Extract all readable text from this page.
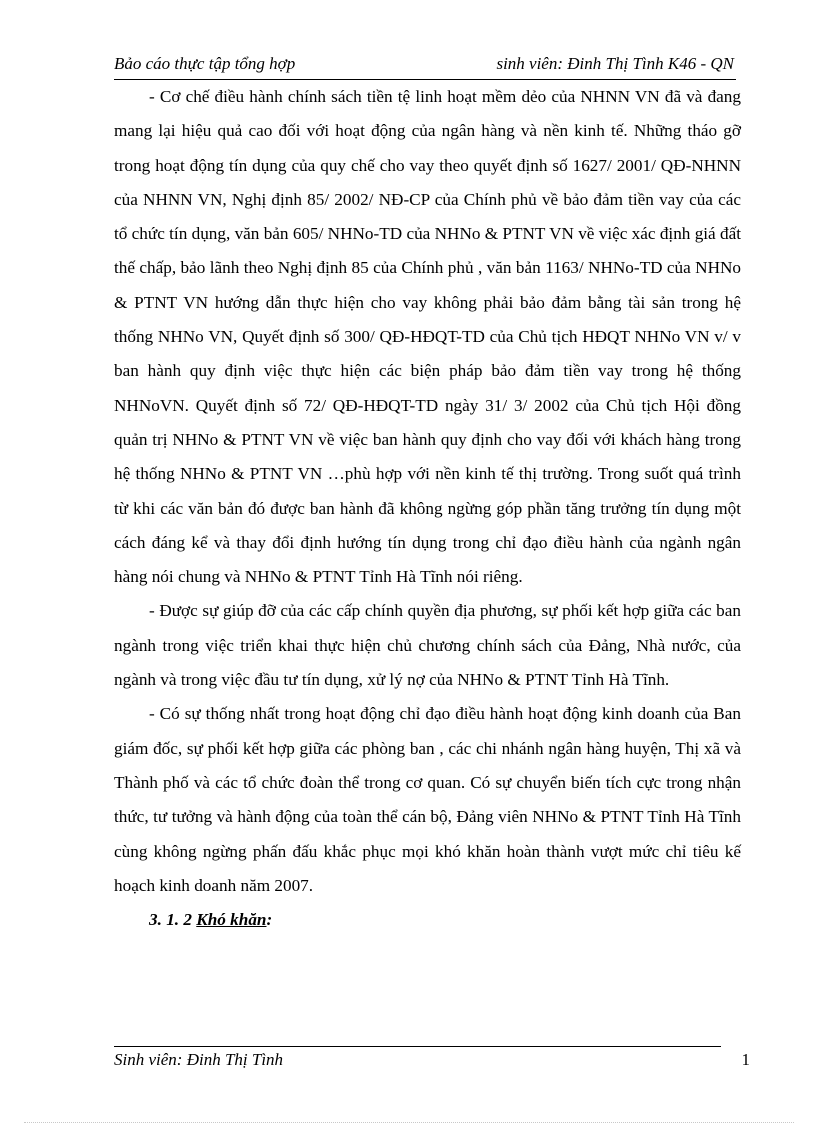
Bảo cáo thực tập tổng hợp	sinh viên: Đinh Thị Tình K46 - QN

- Cơ chế điều hành chính sách tiền tệ linh hoạt mềm dẻo của NHNN VN đã và đang mang lại hiệu quả cao đối với hoạt động của ngân hàng và nền kinh tế. Những tháo gỡ trong hoạt động tín dụng của quy chế cho vay theo quyết định số 1627/ 2001/ QĐ-NHNN của NHNN VN, Nghị định 85/ 2002/ NĐ-CP của Chính phủ về bảo đảm tiền vay của các tổ chức tín dụng, văn bản 605/ NHNo-TD của NHNo & PTNT VN về việc xác định giá đất thế chấp, bảo lãnh theo Nghị định 85 của Chính phủ , văn bản 1163/ NHNo-TD của NHNo & PTNT VN hướng dẫn thực hiện cho vay không phải bảo đảm bằng tài sản trong hệ thống NHNo VN, Quyết định số 300/ QĐ-HĐQT-TD của Chủ tịch HĐQT NHNo VN v/ v ban hành quy định việc thực hiện các biện pháp bảo đảm tiền vay trong hệ thống NHNoVN. Quyết định số 72/ QĐ-HĐQT-TD ngày 31/ 3/ 2002 của Chủ tịch Hội đồng quản trị NHNo & PTNT VN về việc ban hành quy định cho vay đối với khách hàng trong hệ thống NHNo & PTNT VN …phù hợp với nền kinh tế thị trường. Trong suốt quá trình từ khi các văn bản đó được ban hành đã không ngừng góp phần tăng trưởng tín dụng một cách đáng kể và thay đổi định hướng tín dụng trong chỉ đạo điều hành của ngành ngân hàng nói chung và NHNo & PTNT Tỉnh Hà Tĩnh nói riêng.

- Được sự giúp đỡ của các cấp chính quyền địa phương, sự phối kết hợp giữa các ban ngành trong việc triển khai thực hiện chủ chương chính sách của Đảng, Nhà nước, của ngành và trong việc đầu tư tín dụng, xử lý nợ của NHNo & PTNT Tỉnh Hà Tĩnh.

- Có sự thống nhất trong hoạt động chỉ đạo điều hành hoạt động kinh doanh của Ban giám đốc, sự phối kết hợp giữa các phòng ban , các chi nhánh ngân hàng huyện, Thị xã và Thành phố và các tổ chức đoàn thể trong cơ quan. Có sự chuyển biến tích cực trong nhận thức, tư tưởng và hành động của toàn thể cán bộ, Đảng viên NHNo & PTNT Tỉnh Hà Tĩnh cùng không ngừng phấn đấu khắc phục mọi khó khăn hoàn thành vượt mức chỉ tiêu kế hoạch kinh doanh năm 2007.

3. 1. 2 Khó khăn:
Sinh viên: Đinh Thị Tình	1
